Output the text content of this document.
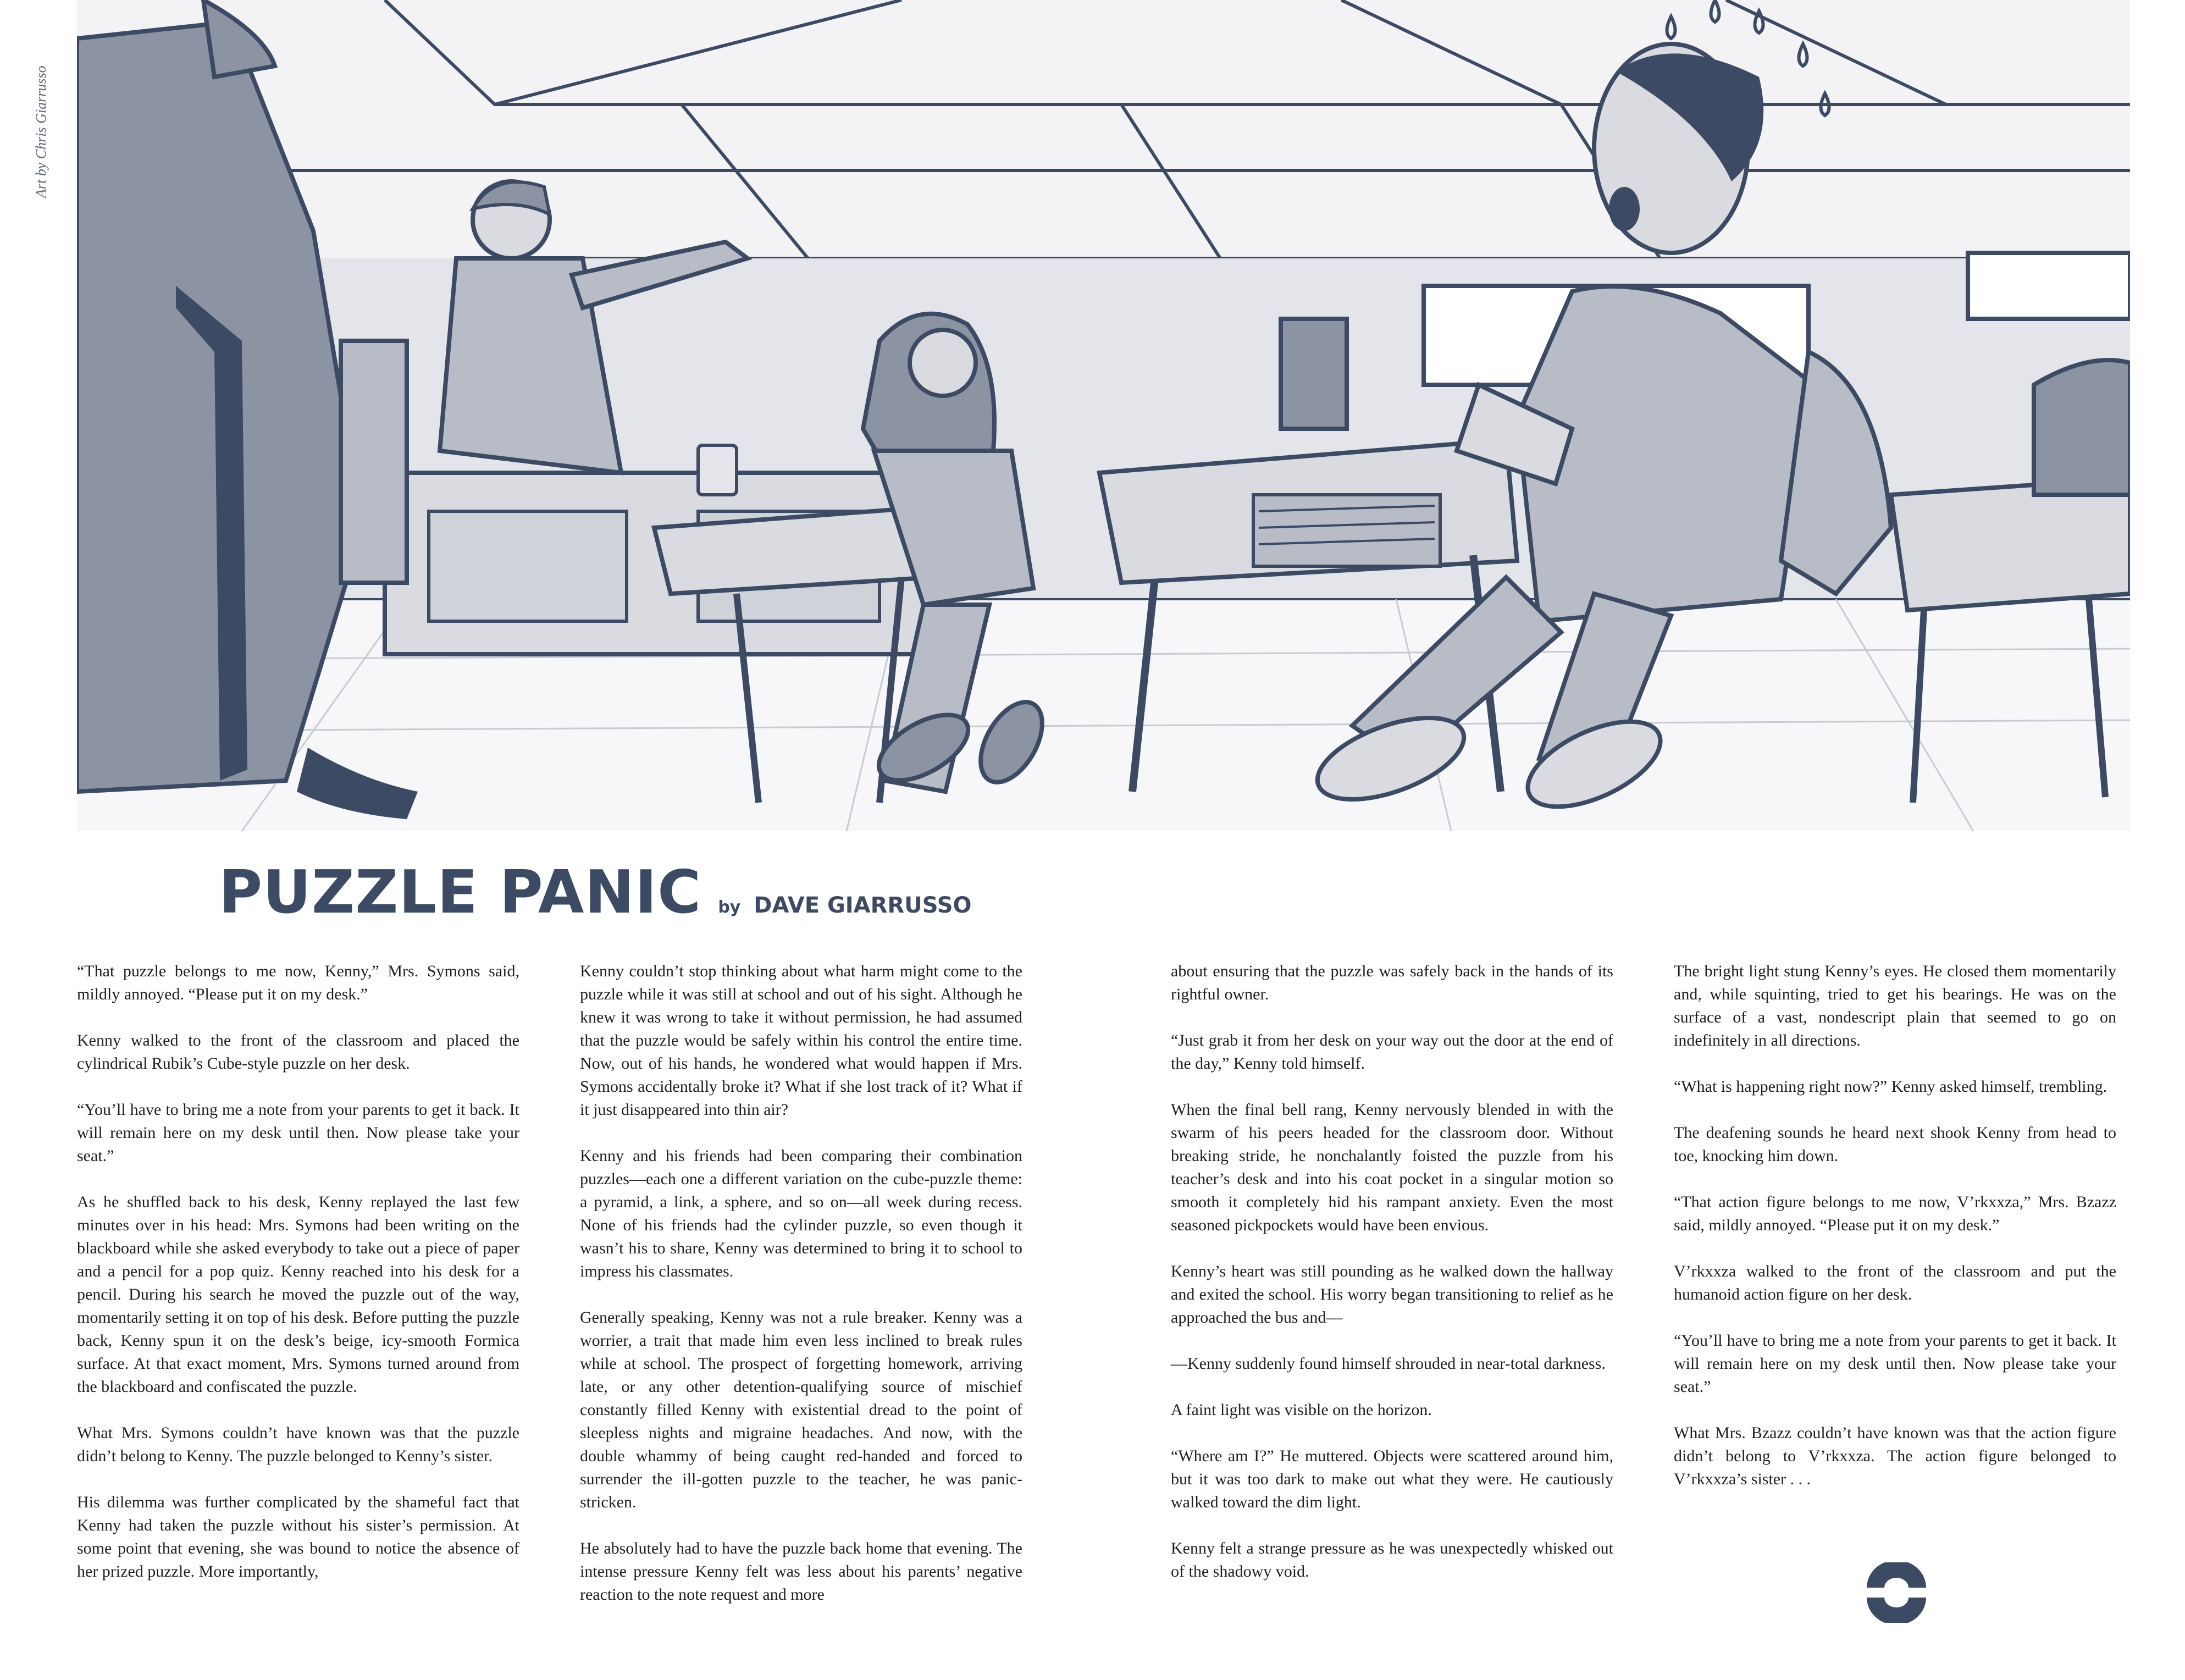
Art by Chris Giarrusso
PUZZLE PANIC by DAVE GIARRUSSO

“That puzzle belongs to me now, Kenny,” Mrs. Symons said, mildly annoyed. “Please put it on my desk.”

Kenny walked to the front of the classroom and placed the cylindrical Rubik’s Cube-style puzzle on her desk.

“You’ll have to bring me a note from your parents to get it back. It will remain here on my desk until then. Now please take your seat.”

As he shuffled back to his desk, Kenny replayed the last few minutes over in his head: Mrs. Symons had been writing on the blackboard while she asked everybody to take out a piece of paper and a pencil for a pop quiz. Kenny reached into his desk for a pencil. During his search he moved the puzzle out of the way, momentarily setting it on top of his desk. Before putting the puzzle back, Kenny spun it on the desk’s beige, icy-smooth Formica surface. At that exact moment, Mrs. Symons turned around from the blackboard and confiscated the puzzle.

What Mrs. Symons couldn’t have known was that the puzzle didn’t belong to Kenny. The puzzle belonged to Kenny’s sister.

His dilemma was further complicated by the shameful fact that Kenny had taken the puzzle without his sister’s permission. At some point that evening, she was bound to notice the absence of her prized puzzle. More importantly,

Kenny couldn’t stop thinking about what harm might come to the puzzle while it was still at school and out of his sight. Although he knew it was wrong to take it without permission, he had assumed that the puzzle would be safely within his control the entire time. Now, out of his hands, he wondered what would happen if Mrs. Symons accidentally broke it? What if she lost track of it? What if it just disappeared into thin air?

Kenny and his friends had been comparing their combination puzzles—each one a different variation on the cube-puzzle theme: a pyramid, a link, a sphere, and so on—all week during recess. None of his friends had the cylinder puzzle, so even though it wasn’t his to share, Kenny was determined to bring it to school to impress his classmates.

Generally speaking, Kenny was not a rule breaker. Kenny was a worrier, a trait that made him even less inclined to break rules while at school. The prospect of forgetting homework, arriving late, or any other detention-qualifying source of mischief constantly filled Kenny with existential dread to the point of sleepless nights and migraine headaches. And now, with the double whammy of being caught red-handed and forced to surrender the ill-gotten puzzle to the teacher, he was panic-stricken.

He absolutely had to have the puzzle back home that evening. The intense pressure Kenny felt was less about his parents’ negative reaction to the note request and more

about ensuring that the puzzle was safely back in the hands of its rightful owner.

“Just grab it from her desk on your way out the door at the end of the day,” Kenny told himself.

When the final bell rang, Kenny nervously blended in with the swarm of his peers headed for the classroom door. Without breaking stride, he nonchalantly foisted the puzzle from his teacher’s desk and into his coat pocket in a singular motion so smooth it completely hid his rampant anxiety. Even the most seasoned pickpockets would have been envious.

Kenny’s heart was still pounding as he walked down the hallway and exited the school. His worry began transitioning to relief as he approached the bus and—

—Kenny suddenly found himself shrouded in near-total darkness.

A faint light was visible on the horizon.

“Where am I?” He muttered. Objects were scattered around him, but it was too dark to make out what they were. He cautiously walked toward the dim light.

Kenny felt a strange pressure as he was unexpectedly whisked out of the shadowy void.

The bright light stung Kenny’s eyes. He closed them momentarily and, while squinting, tried to get his bearings. He was on the surface of a vast, nondescript plain that seemed to go on indefinitely in all directions.

“What is happening right now?” Kenny asked himself, trembling.

The deafening sounds he heard next shook Kenny from head to toe, knocking him down.

“That action figure belongs to me now, V’rkxxza,” Mrs. Bzazz said, mildly annoyed. “Please put it on my desk.”

V’rkxxza walked to the front of the classroom and put the humanoid action figure on her desk.

“You’ll have to bring me a note from your parents to get it back. It will remain here on my desk until then. Now please take your seat.”

What Mrs. Bzazz couldn’t have known was that the action figure didn’t belong to V’rkxxza. The action figure belonged to V’rkxxza’s sister . . .
